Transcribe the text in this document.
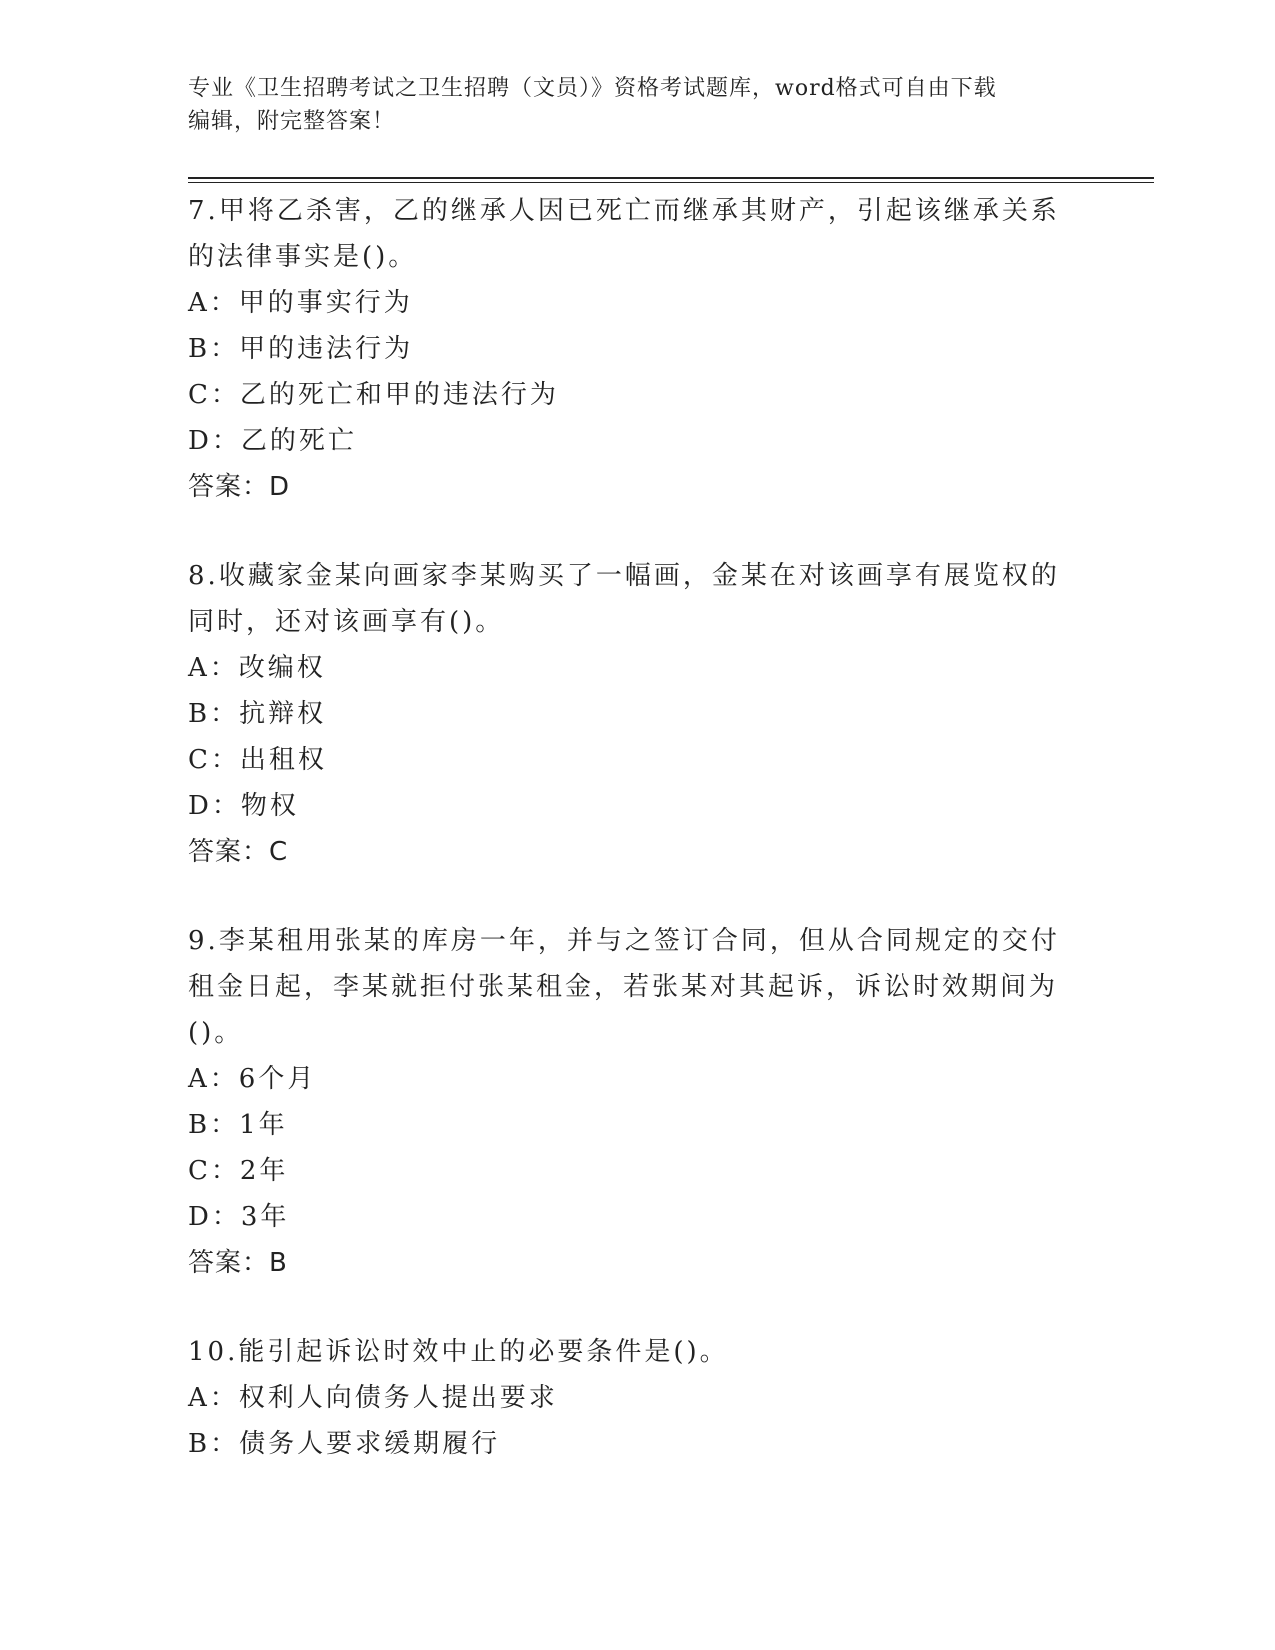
专业《卫生招聘考试之卫生招聘（文员）》资格考试题库，word格式可自由下载
编辑，附完整答案！
7.甲将乙杀害，乙的继承人因已死亡而继承其财产，引起该继承关系
的法律事实是()。
A：甲的事实行为
B：甲的违法行为
C：乙的死亡和甲的违法行为
D：乙的死亡
答案：D
8.收藏家金某向画家李某购买了一幅画，金某在对该画享有展览权的
同时，还对该画享有()。
A：改编权
B：抗辩权
C：出租权
D：物权
答案：C
9.李某租用张某的库房一年，并与之签订合同，但从合同规定的交付
租金日起，李某就拒付张某租金，若张某对其起诉，诉讼时效期间为
()。
A：6个月
B：1年
C：2年
D：3年
答案：B
10.能引起诉讼时效中止的必要条件是()。
A：权利人向债务人提出要求
B：债务人要求缓期履行
